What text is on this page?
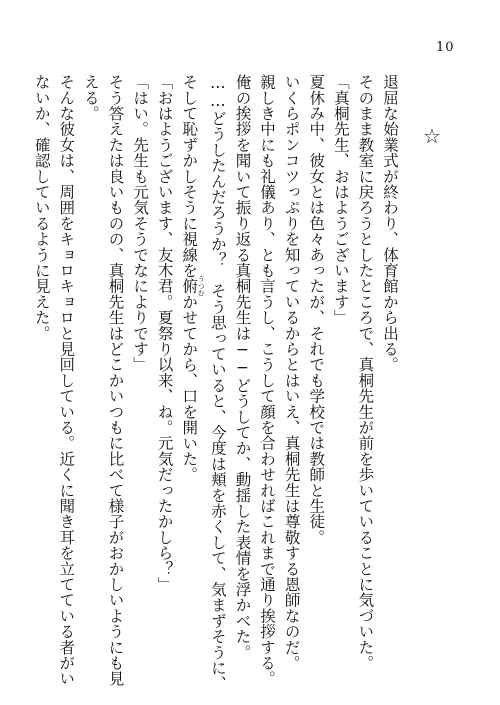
10
☆
退屈な始業式が終わり、体育館から出る。
そのまま教室に戻ろうとしたところで、真桐先生が前を歩いていることに気づいた。
「真桐先生、おはようございます」
夏休み中、彼女とは色々あったが、それでも学校では教師と生徒。
いくらポンコツっぷりを知っているからとはいえ、真桐先生は尊敬する恩師なのだ。
親しき中にも礼儀あり、とも言うし、こうして顔を合わせればこれまで通り挨拶する。
俺の挨拶を聞いて振り返る真桐先生は──どうしてか、動揺した表情を浮かべた。
……どうしたんだろうか？　そう思っていると、今度は頬を赤くして、気まずそうに、
そして恥ずかしそうに視線を俯 うつむかせてから、口を開いた。
「おはようございます、友木君。夏祭り以来、ね。元気だったかしら？」
「はい。先生も元気そうでなによりです」
そう答えたは良いものの、真桐先生はどこかいつもに比べて様子がおかしいようにも見
える。
そんな彼女は、周囲をキョロキョロと見回している。近くに聞き耳を立てている者がい
ないか、確認しているように見えた。
